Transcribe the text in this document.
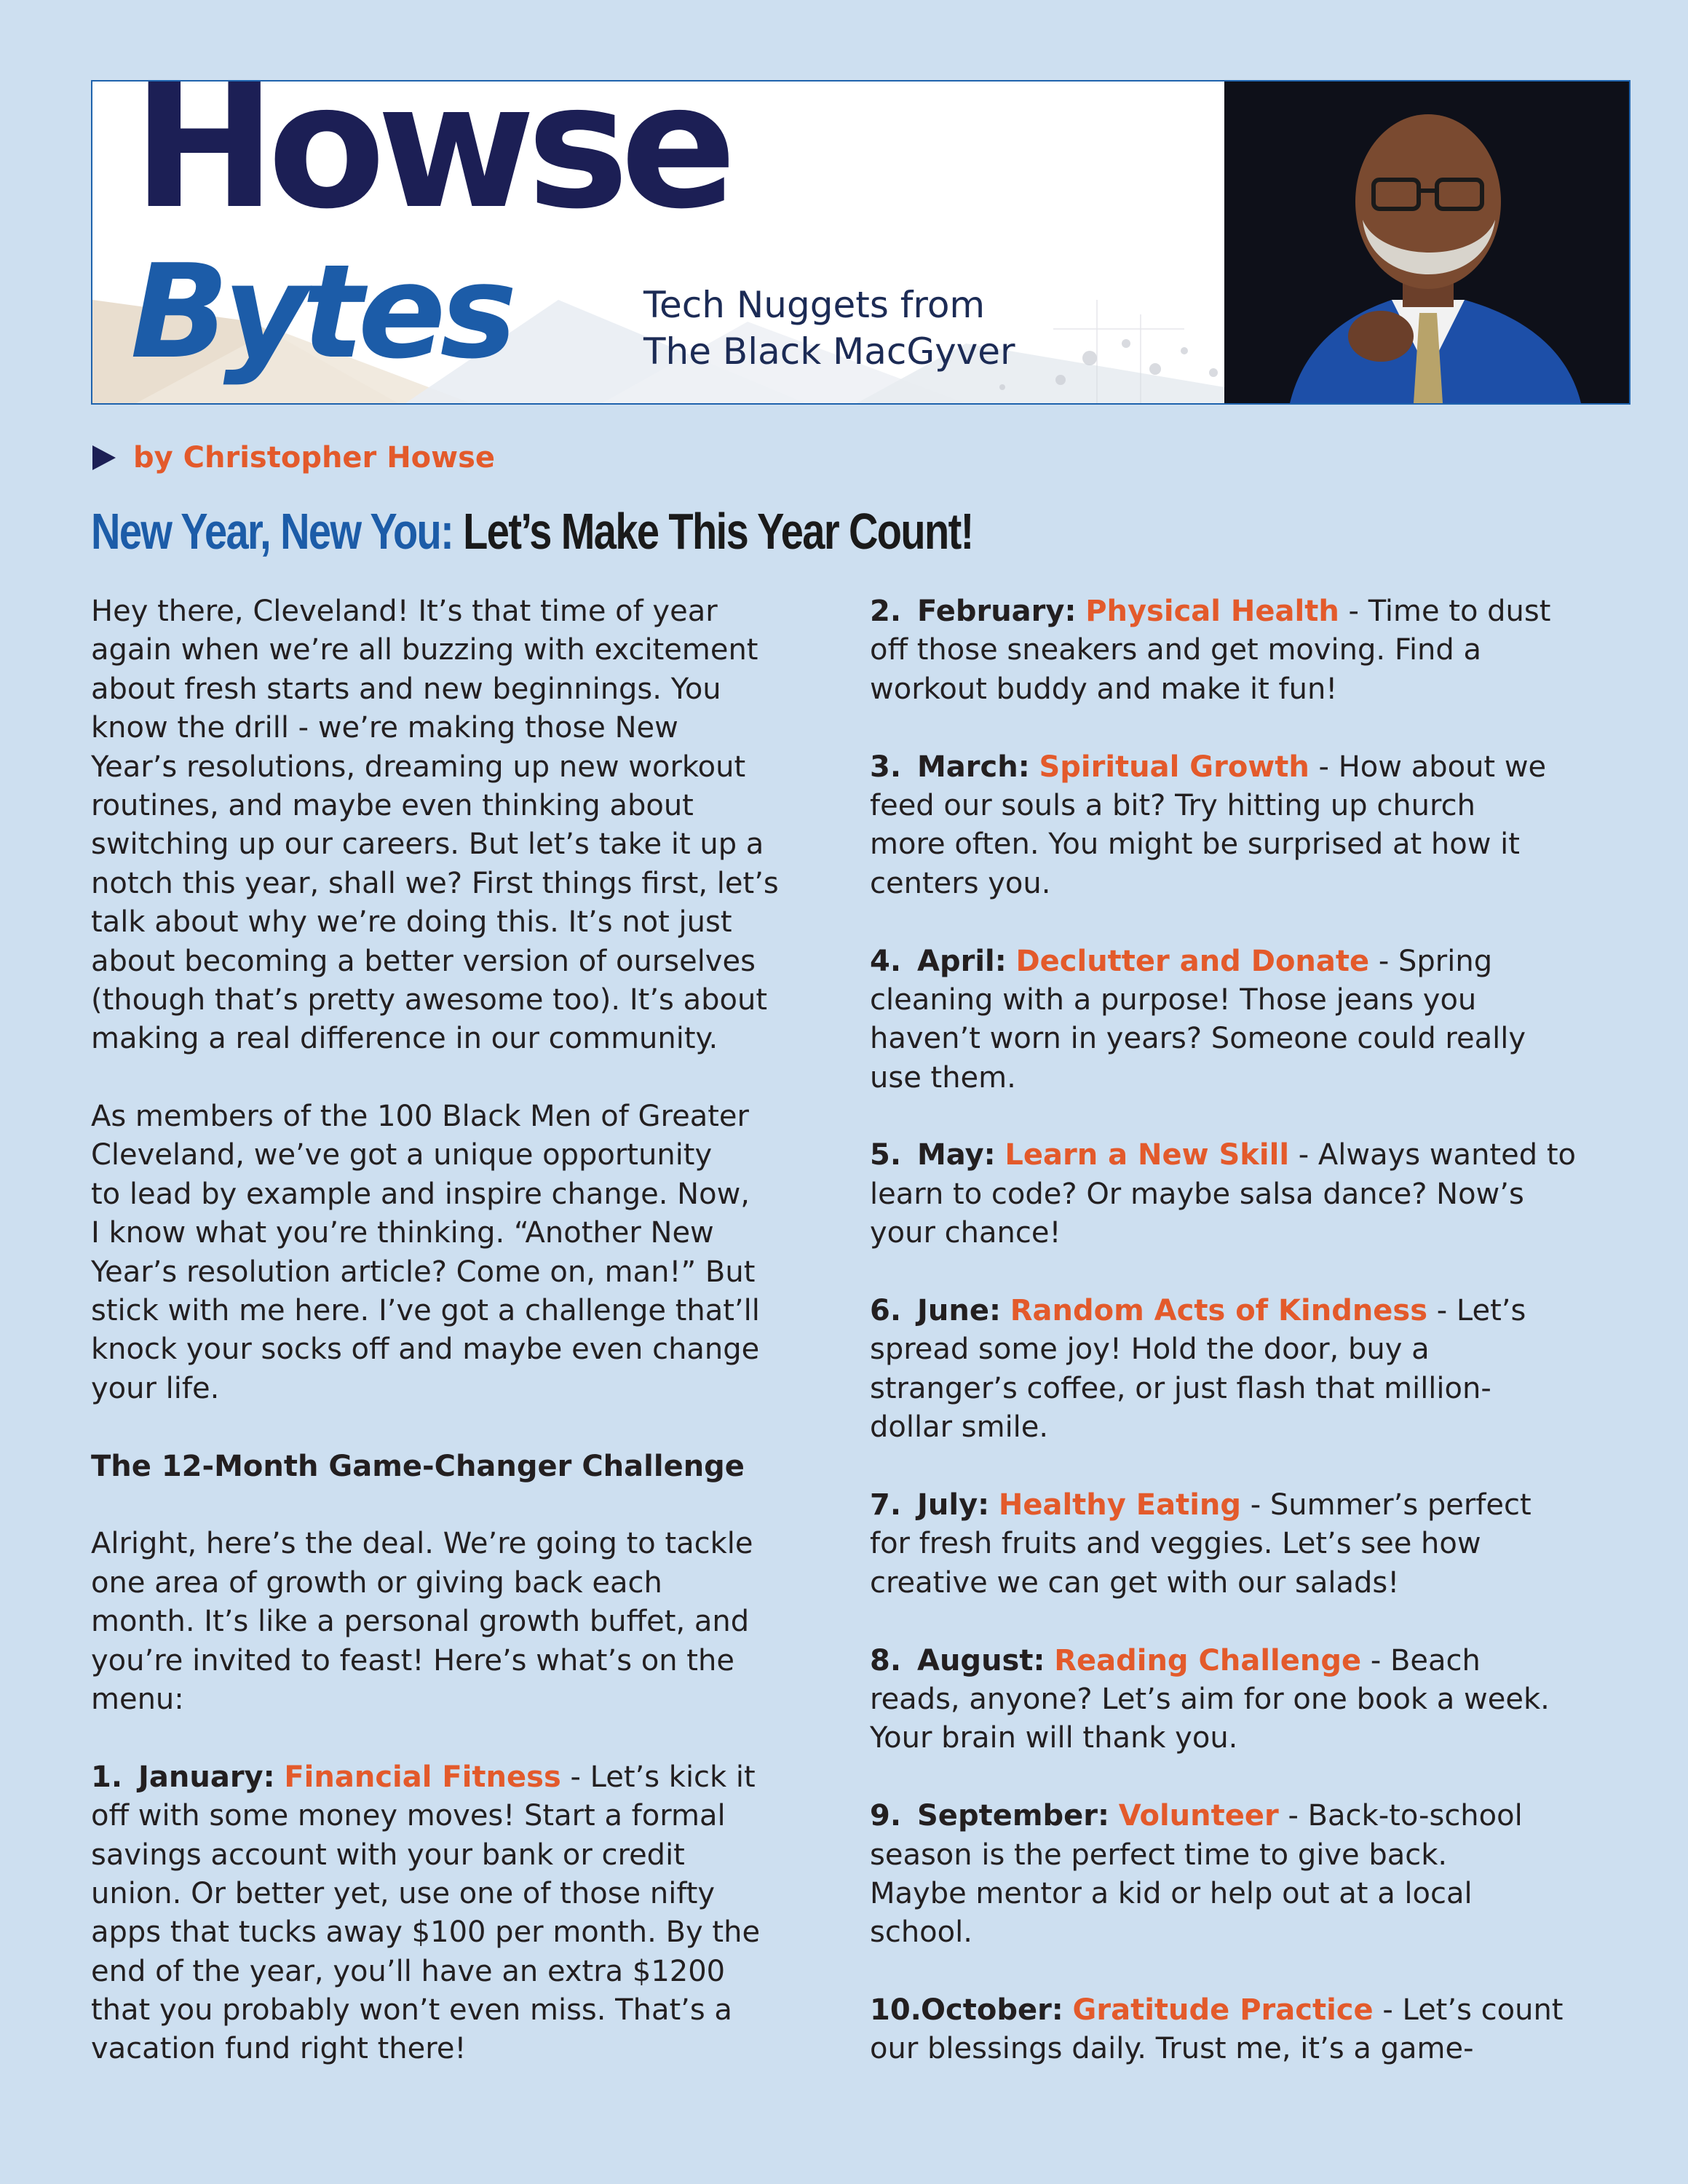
Howse
Bytes	Tech Nuggets from
The Black MacGyver
by Christopher Howse
New Year, New You: Let’s Make This Year Count!
Hey there, Cleveland! It’s that time of year
again when we’re all buzzing with excitement
about fresh starts and new beginnings. You
know the drill - we’re making those New
Year’s resolutions, dreaming up new workout
routines, and maybe even thinking about
switching up our careers. But let’s take it up a
notch this year, shall we? First things first, let’s
talk about why we’re doing this. It’s not just
about becoming a better version of ourselves
(though that’s pretty awesome too). It’s about
making a real difference in our community.
As members of the 100 Black Men of Greater
Cleveland, we’ve got a unique opportunity
to lead by example and inspire change. Now,
I know what you’re thinking. “Another New
Year’s resolution article? Come on, man!” But
stick with me here. I’ve got a challenge that’ll
knock your socks off and maybe even change
your life.
The 12-Month Game-Changer Challenge
Alright, here’s the deal. We’re going to tackle
one area of growth or giving back each
month. It’s like a personal growth buffet, and
you’re invited to feast! Here’s what’s on the
menu:
1. January: Financial Fitness - Let’s kick it
off with some money moves! Start a formal
savings account with your bank or credit
union. Or better yet, use one of those nifty
apps that tucks away $100 per month. By the
end of the year, you’ll have an extra $1200
that you probably won’t even miss. That’s a
vacation fund right there!
2. February: Physical Health - Time to dust
off those sneakers and get moving. Find a
workout buddy and make it fun!
3. March: Spiritual Growth - How about we
feed our souls a bit? Try hitting up church
more often. You might be surprised at how it
centers you.
4. April: Declutter and Donate - Spring
cleaning with a purpose! Those jeans you
haven’t worn in years? Someone could really
use them.
5. May: Learn a New Skill - Always wanted to
learn to code? Or maybe salsa dance? Now’s
your chance!
6. June: Random Acts of Kindness - Let’s
spread some joy! Hold the door, buy a
stranger’s coffee, or just flash that million-
dollar smile.
7. July: Healthy Eating - Summer’s perfect
for fresh fruits and veggies. Let’s see how
creative we can get with our salads!
8. August: Reading Challenge - Beach
reads, anyone? Let’s aim for one book a week.
Your brain will thank you.
9. September: Volunteer - Back-to-school
season is the perfect time to give back.
Maybe mentor a kid or help out at a local
school.
10.October: Gratitude Practice - Let’s count
our blessings daily. Trust me, it’s a game-
